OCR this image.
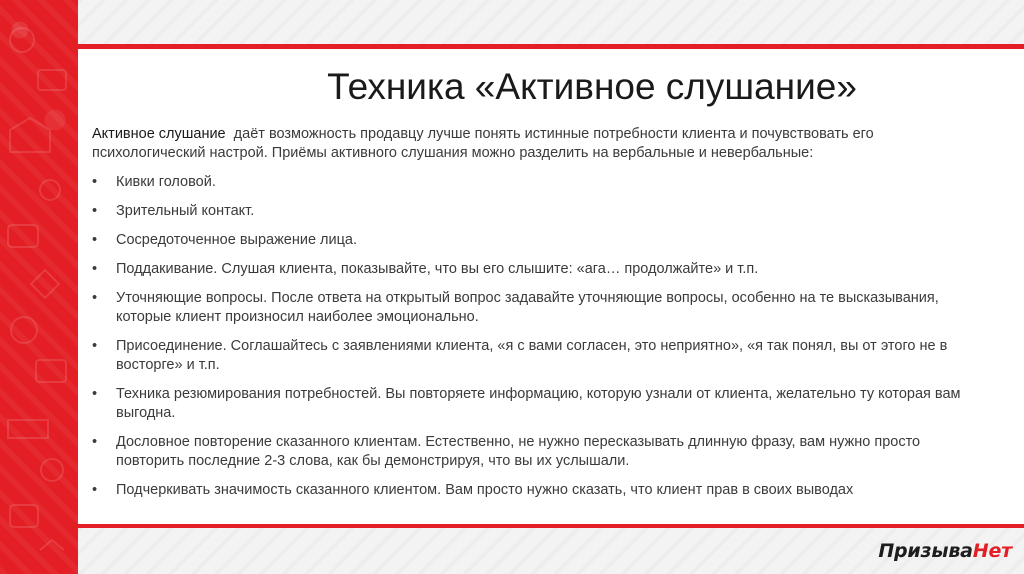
Техника «Активное слушание»
Активное слушание  даёт возможность продавцу лучше понять истинные потребности клиента и почувствовать его психологический настрой. Приёмы активного слушания можно разделить на вербальные и невербальные:
• Кивки головой.
• Зрительный контакт.
• Сосредоточенное выражение лица.
• Поддакивание. Слушая клиента, показывайте, что вы его слышите: «ага… продолжайте» и т.п.
• Уточняющие вопросы. После ответа на открытый вопрос задавайте уточняющие вопросы, особенно на те высказывания, которые клиент произносил наиболее эмоционально.
• Присоединение. Соглашайтесь с заявлениями клиента, «я с вами согласен, это неприятно», «я так понял, вы от этого не в восторге» и т.п.
• Техника резюмирования потребностей. Вы повторяете информацию, которую узнали от клиента, желательно ту которая вам выгодна.
• Дословное повторение сказанного клиентам. Естественно, не нужно пересказывать длинную фразу, вам нужно просто повторить последние 2-3 слова, как бы демонстрируя, что вы их услышали.
• Подчеркивать значимость сказанного клиентом. Вам просто нужно сказать, что клиент прав в своих выводах
ПризываНет
